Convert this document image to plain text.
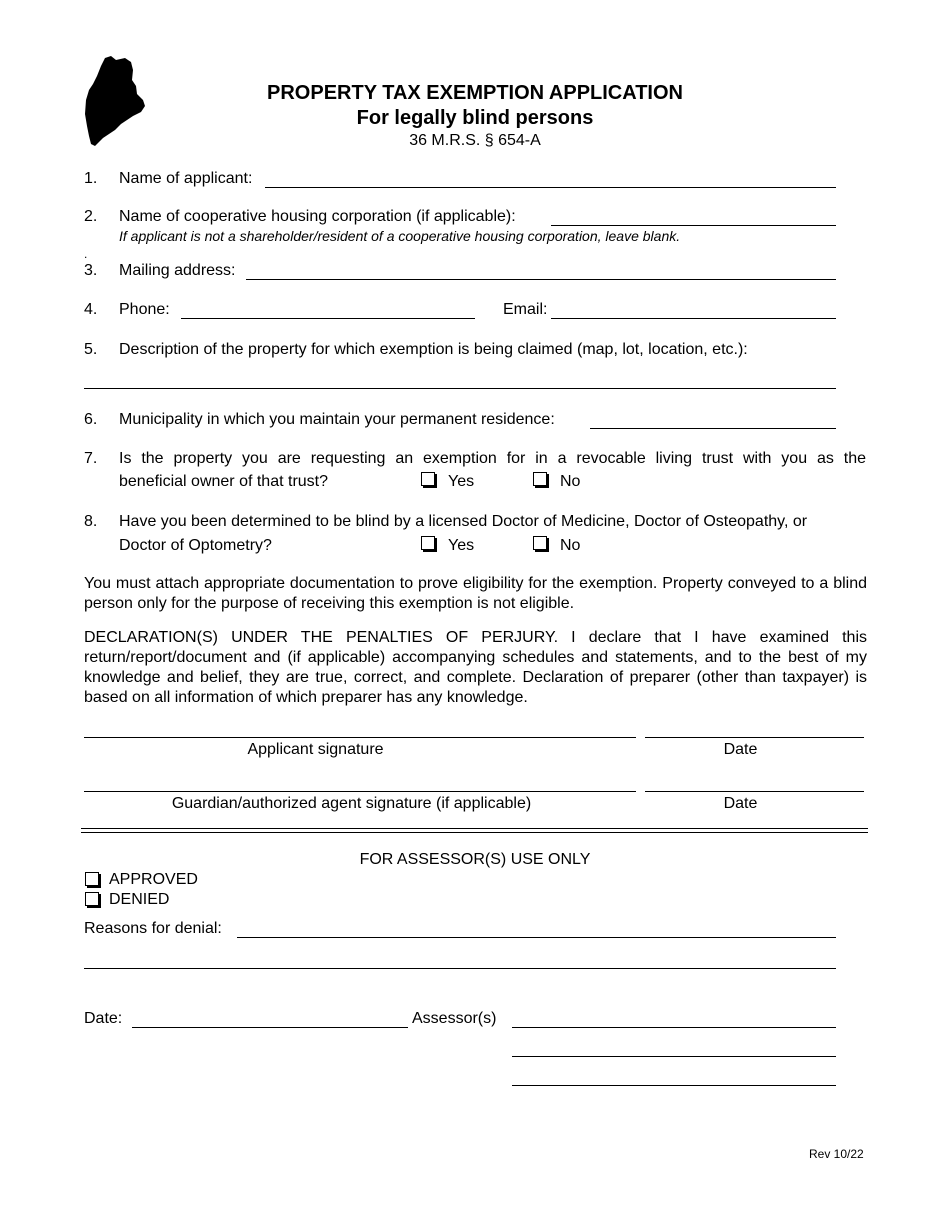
PROPERTY TAX EXEMPTION APPLICATION
For legally blind persons
36 M.R.S. § 654-A
1. Name of applicant:
2. Name of cooperative housing corporation (if applicable):
If applicant is not a shareholder/resident of a cooperative housing corporation, leave blank.
.
3. Mailing address:
4. Phone:	Email:
5. Description of the property for which exemption is being claimed (map, lot, location, etc.):
6. Municipality in which you maintain your permanent residence:
7. Is the property you are requesting an exemption for in a revocable living trust with you as the
beneficial owner of that trust?	Yes	No
8. Have you been determined to be blind by a licensed Doctor of Medicine, Doctor of Osteopathy, or
Doctor of Optometry?	Yes	No
You must attach appropriate documentation to prove eligibility for the exemption. Property conveyed to a blind person only for the purpose of receiving this exemption is not eligible.
DECLARATION(S) UNDER THE PENALTIES OF PERJURY. I declare that I have examined this return/report/document and (if applicable) accompanying schedules and statements, and to the best of my knowledge and belief, they are true, correct, and complete. Declaration of preparer (other than taxpayer) is based on all information of which preparer has any knowledge.
Applicant signature	Date
Guardian/authorized agent signature (if applicable)	Date
FOR ASSESSOR(S) USE ONLY
APPROVED
DENIED
Reasons for denial:
Date:	Assessor(s)
Rev 10/22
